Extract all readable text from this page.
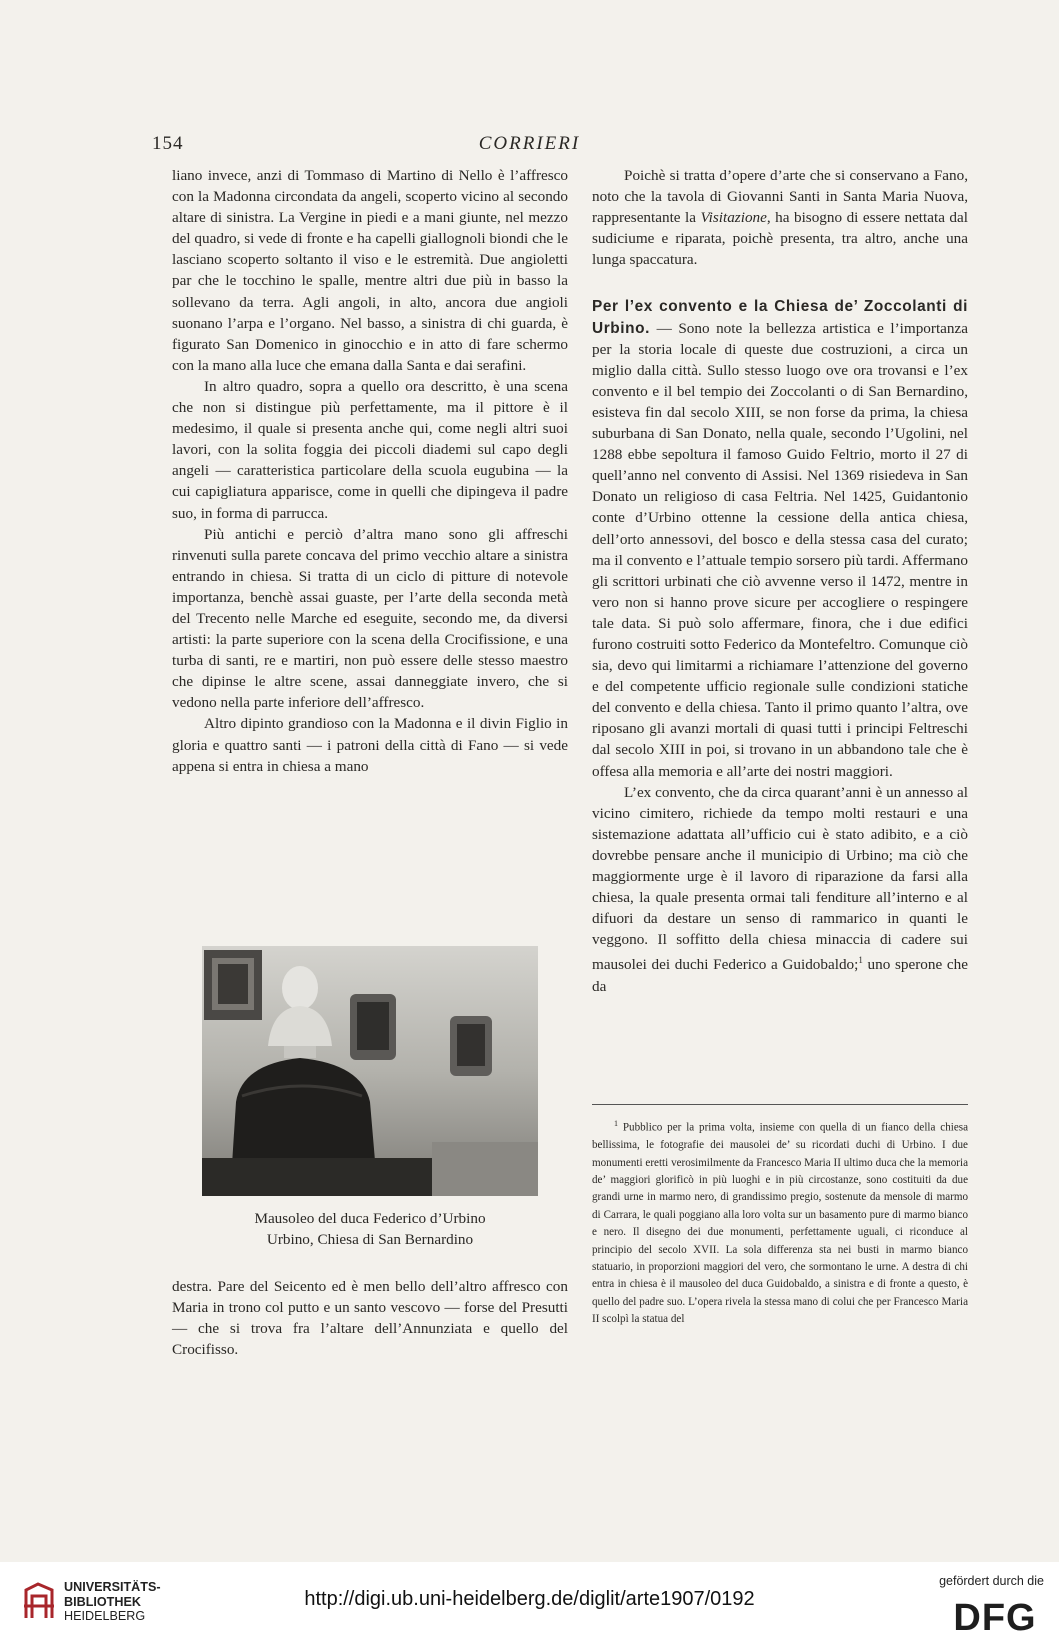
154	CORRIERI

liano invece, anzi di Tommaso di Martino di Nello è l’affresco con la Madonna circondata da angeli, scoperto vicino al secondo altare di sinistra. La Vergine in piedi e a mani giunte, nel mezzo del quadro, si vede di fronte e ha capelli giallognoli biondi che le lasciano scoperto soltanto il viso e le estremità. Due angioletti par che le tocchino le spalle, mentre altri due più in basso la sollevano da terra. Agli angoli, in alto, ancora due angioli suonano l’arpa e l’organo. Nel basso, a sinistra di chi guarda, è figurato San Domenico in ginocchio e in atto di fare schermo con la mano alla luce che emana dalla Santa e dai serafini.

In altro quadro, sopra a quello ora descritto, è una scena che non si distingue più perfettamente, ma il pittore è il medesimo, il quale si presenta anche qui, come negli altri suoi lavori, con la solita foggia dei piccoli diademi sul capo degli angeli — caratteristica particolare della scuola eugubina — la cui capigliatura apparisce, come in quelli che dipingeva il padre suo, in forma di parrucca.

Più antichi e perciò d’altra mano sono gli affreschi rinvenuti sulla parete concava del primo vecchio altare a sinistra entrando in chiesa. Si tratta di un ciclo di pitture di notevole importanza, benchè assai guaste, per l’arte della seconda metà del Trecento nelle Marche ed eseguite, secondo me, da diversi artisti: la parte superiore con la scena della Crocifissione, e una turba di santi, re e martiri, non può essere delle stesso maestro che dipinse le altre scene, assai danneggiate invero, che si vedono nella parte inferiore dell’affresco.

Altro dipinto grandioso con la Madonna e il divin Figlio in gloria e quattro santi — i patroni della città di Fano — si vede appena si entra in chiesa a mano

Mausoleo del duca Federico d’Urbino
Urbino, Chiesa di San Bernardino

destra. Pare del Seicento ed è men bello dell’altro affresco con Maria in trono col putto e un santo vescovo — forse del Presutti — che si trova fra l’altare dell’Annunziata e quello del Crocifisso.

Poichè si tratta d’opere d’arte che si conservano a Fano, noto che la tavola di Giovanni Santi in Santa Maria Nuova, rappresentante la Visitazione, ha bisogno di essere nettata dal sudiciume e riparata, poichè presenta, tra altro, anche una lunga spaccatura.

Per l’ex convento e la Chiesa de’ Zoccolanti di Urbino. — Sono note la bellezza artistica e l’importanza per la storia locale di queste due costruzioni, a circa un miglio dalla città. Sullo stesso luogo ove ora trovansi e l’ex convento e il bel tempio dei Zoccolanti o di San Bernardino, esisteva fin dal secolo XIII, se non forse da prima, la chiesa suburbana di San Donato, nella quale, secondo l’Ugolini, nel 1288 ebbe sepoltura il famoso Guido Feltrio, morto il 27 di quell’anno nel convento di Assisi. Nel 1369 risiedeva in San Donato un religioso di casa Feltria. Nel 1425, Guidantonio conte d’Urbino ottenne la cessione della antica chiesa, dell’orto annessovi, del bosco e della stessa casa del curato; ma il convento e l’attuale tempio sorsero più tardi. Affermano gli scrittori urbinati che ciò avvenne verso il 1472, mentre in vero non si hanno prove sicure per accogliere o respingere tale data. Si può solo affermare, finora, che i due edifici furono costruiti sotto Federico da Montefeltro. Comunque ciò sia, devo qui limitarmi a richiamare l’attenzione del governo e del competente ufficio regionale sulle condizioni statiche del convento e della chiesa. Tanto il primo quanto l’altra, ove riposano gli avanzi mortali di quasi tutti i principi Feltreschi dal secolo XIII in poi, si trovano in un abbandono tale che è offesa alla memoria e all’arte dei nostri maggiori.

L’ex convento, che da circa quarant’anni è un annesso al vicino cimitero, richiede da tempo molti restauri e una sistemazione adattata all’ufficio cui è stato adibito, e a ciò dovrebbe pensare anche il municipio di Urbino; ma ciò che maggiormente urge è il lavoro di riparazione da farsi alla chiesa, la quale presenta ormai tali fenditure all’interno e al difuori da destare un senso di rammarico in quanti le veggono. Il soffitto della chiesa minaccia di cadere sui mausolei dei duchi Federico a Guidobaldo;$^1$ uno sperone che da

$^1$ Pubblico per la prima volta, insieme con quella di un fianco della chiesa bellissima, le fotografie dei mausolei de’ su ricordati duchi di Urbino. I due monumenti eretti verosimilmente da Francesco Maria II ultimo duca che la memoria de’ maggiori glorificò in più luoghi e in più circostanze, sono costituiti da due grandi urne in marmo nero, di grandissimo pregio, sostenute da mensole di marmo di Carrara, le quali poggiano alla loro volta sur un basamento pure di marmo bianco e nero. Il disegno dei due monumenti, perfettamente uguali, ci riconduce al principio del secolo XVII. La sola differenza sta nei busti in marmo bianco statuario, in proporzioni maggiori del vero, che sormontano le urne. A destra di chi entra in chiesa è il mausoleo del duca Guidobaldo, a sinistra e di fronte a questo, è quello del padre suo. L’opera rivela la stessa mano di colui che per Francesco Maria II scolpì la statua del

UNIVERSITÄTS-
BIBLIOTHEK
HEIDELBERG
http://digi.ub.uni-heidelberg.de/diglit/arte1907/0192
gefördert durch die
DFG
